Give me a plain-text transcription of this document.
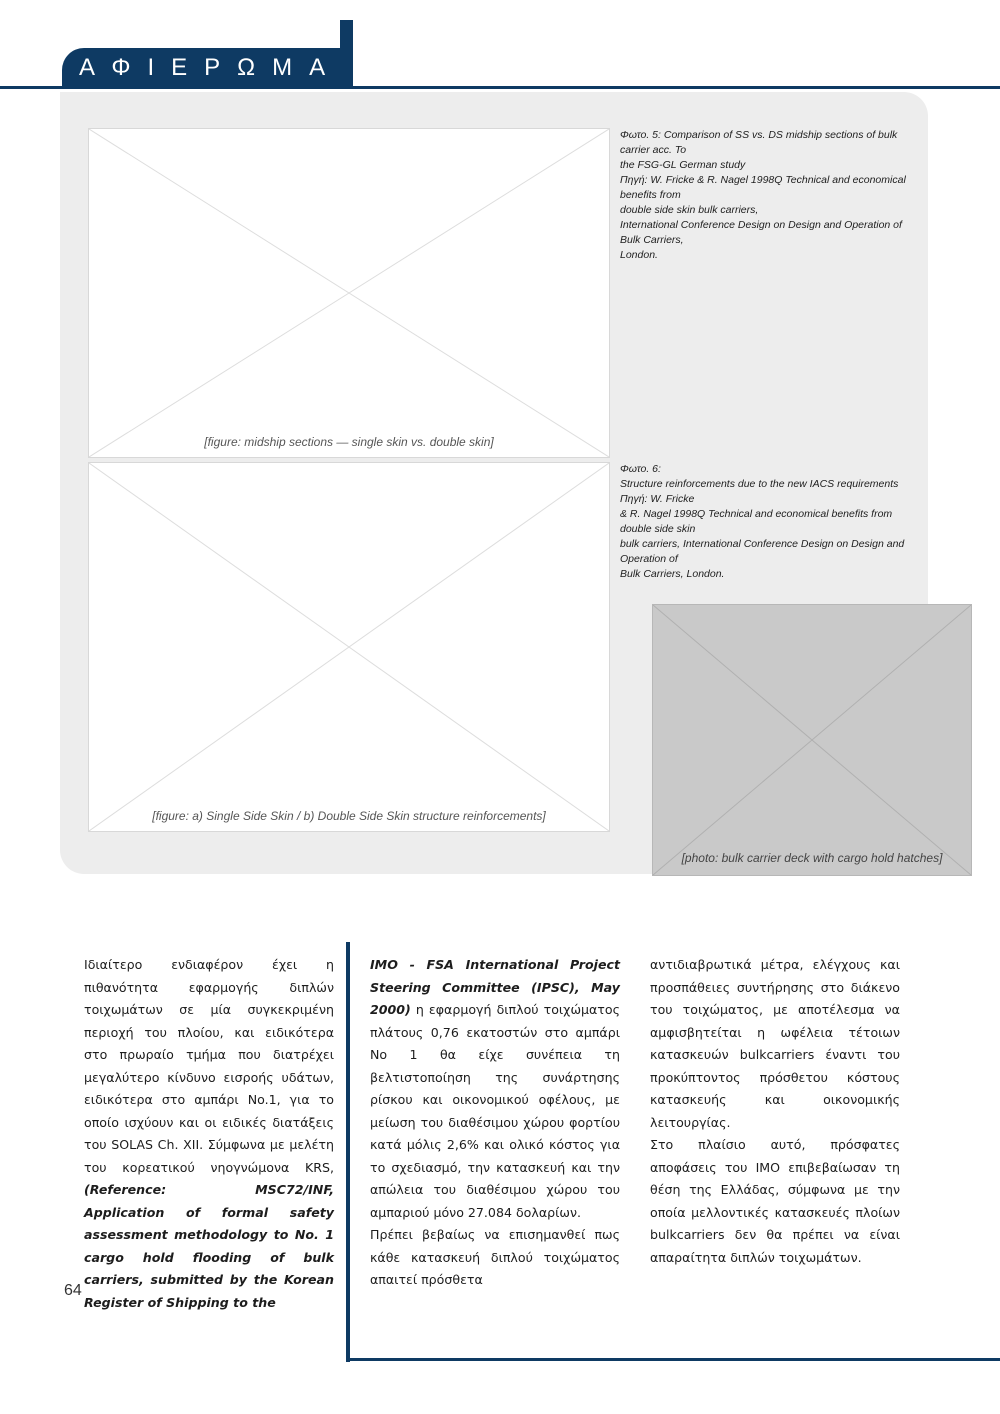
ΑΦΙΕΡΩΜΑ
[figure: midship sections — single skin vs. double skin]

Φωτο. 5: Comparison of SS vs. DS midship sections of bulk carrier acc. To

the FSG-GL German study

Πηγή: W. Fricke & R. Nagel 1998Q Technical and economical benefits from

double side skin bulk carriers,

International Conference Design on Design and Operation of Bulk Carriers,

London.

[figure: a) Single Side Skin / b) Double Side Skin structure reinforcements]

Φωτο. 6:

Structure reinforcements due to the new IACS requirements Πηγή: W. Fricke

& R. Nagel 1998Q Technical and economical benefits from double side skin

bulk carriers, International Conference Design on Design and Operation of

Bulk Carriers, London.

[photo: bulk carrier deck with cargo hold hatches]

Ιδιαίτερο ενδιαφέρον έχει η πιθανότητα εφαρμογής διπλών τοιχωμάτων σε μία συγκεκριμένη περιοχή του πλοίου, και ειδικότερα στο πρωραίο τμήμα που διατρέχει μεγαλύτερο κίνδυνο εισροής υδάτων, ειδικότερα στο αμπάρι No.1, για το οποίο ισχύουν και οι ειδικές διατάξεις του SOLAS Ch. XII. Σύμφωνα με μελέτη του κορεατικού νηογνώμονα KRS, (Reference: MSC72/INF, Application of formal safety assessment methodology to No. 1 cargo hold flooding of bulk carriers, submitted by the Korean Register of Shipping to the

IMO - FSA International Project Steering Committee (IPSC), May 2000) η εφαρμογή διπλού τοιχώματος πλάτους 0,76 εκατοστών στο αμπάρι No 1 θα είχε συνέπεια τη βελτιστοποίηση της συνάρτησης ρίσκου και οικονομικού οφέλους, με μείωση του διαθέσιμου χώρου φορτίου κατά μόλις 2,6% και ολικό κόστος για το σχεδιασμό, την κατασκευή και την απώλεια του διαθέσιμου χώρου του αμπαριού μόνο 27.084 δολαρίων.

Πρέπει βεβαίως να επισημανθεί πως κάθε κατασκευή διπλού τοιχώματος απαιτεί πρόσθετα

αντιδιαβρωτικά μέτρα, ελέγχους και προσπάθειες συντήρησης στο διάκενο του τοιχώματος, με αποτέλεσμα να αμφισβητείται η ωφέλεια τέτοιων κατασκευών bulkcarriers έναντι του προκύπτοντος πρόσθετου κόστους κατασκευής και οικονομικής λειτουργίας.

Στο πλαίσιο αυτό, πρόσφατες αποφάσεις του IMO επιβεβαίωσαν τη θέση της Ελλάδας, σύμφωνα με την οποία μελλοντικές κατασκευές πλοίων bulkcarriers δεν θα πρέπει να είναι απαραίτητα διπλών τοιχωμάτων.

64
